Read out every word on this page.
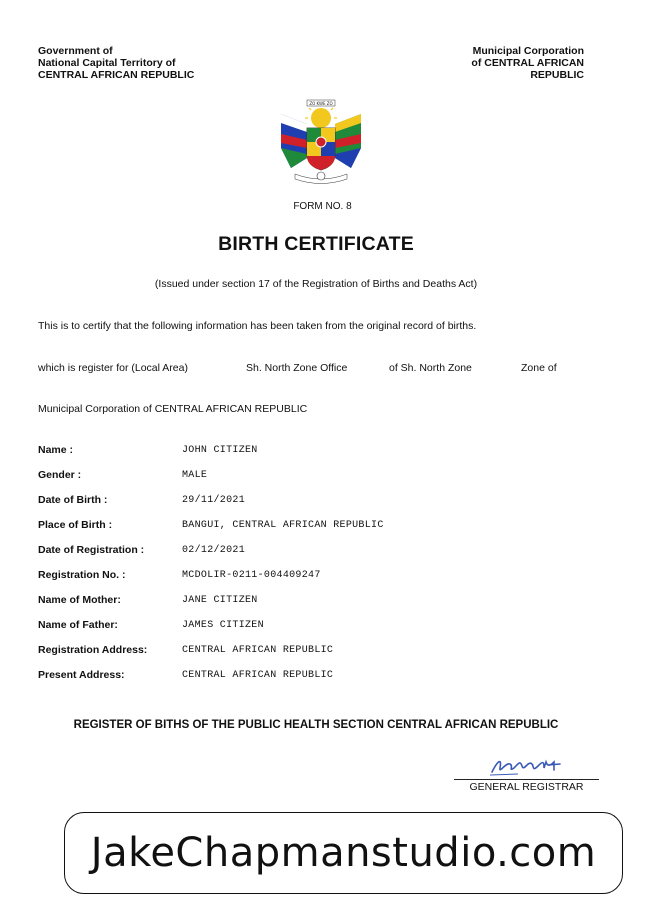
Government of
National Capital Territory of
CENTRAL AFRICAN REPUBLIC
Municipal Corporation
of CENTRAL AFRICAN
REPUBLIC
ZO KWE ZO
FORM NO. 8
BIRTH CERTIFICATE
(Issued under section 17 of the Registration of Births and Deaths Act)
This is to certify that the following information has been taken from the original record of births.
which is register for (Local Area)	Sh. North Zone Office	of Sh. North Zone	Zone of
Municipal Corporation of CENTRAL AFRICAN REPUBLIC
Name :	JOHN CITIZEN
Gender :	MALE
Date of Birth :	29/11/2021
Place of Birth :	BANGUI, CENTRAL AFRICAN REPUBLIC
Date of Registration :	02/12/2021
Registration No. :	MCDOLIR-0211-004409247
Name of Mother:	JANE CITIZEN
Name of Father:	JAMES CITIZEN
Registration Address:	CENTRAL AFRICAN REPUBLIC
Present Address:	CENTRAL AFRICAN REPUBLIC
REGISTER OF BITHS OF THE PUBLIC HEALTH SECTION CENTRAL AFRICAN REPUBLIC
GENERAL REGISTRAR
JakeChapmanstudio.com
